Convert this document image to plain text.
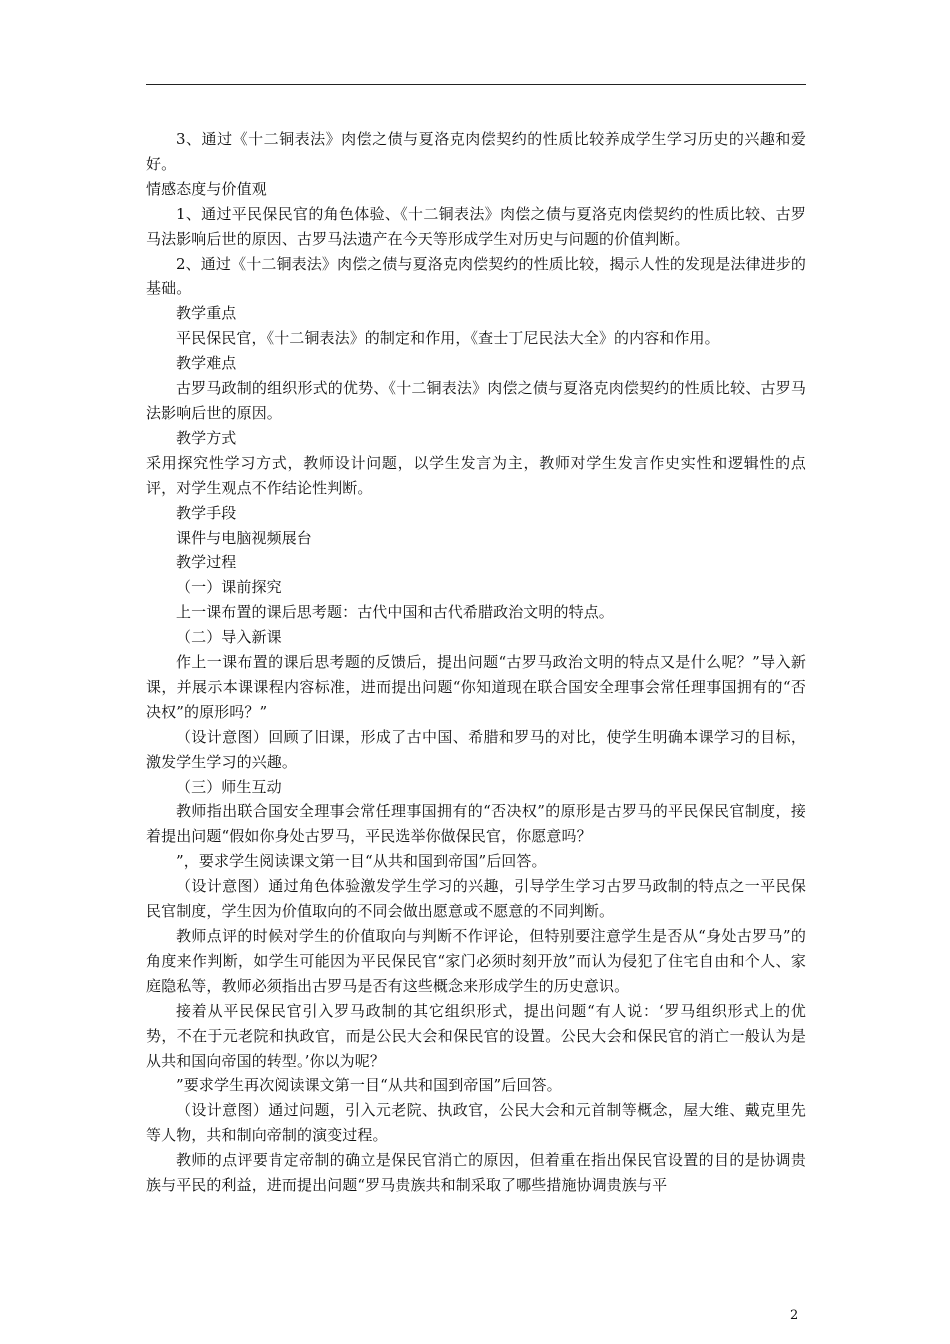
3、通过《十二铜表法》肉偿之债与夏洛克肉偿契约的性质比较养成学生学习历史的兴趣和爱好。

情感态度与价值观

1、通过平民保民官的角色体验、《十二铜表法》肉偿之债与夏洛克肉偿契约的性质比较、古罗马法影响后世的原因、古罗马法遗产在今天等形成学生对历史与问题的价值判断。

2、通过《十二铜表法》肉偿之债与夏洛克肉偿契约的性质比较，揭示人性的发现是法律进步的基础。

教学重点

平民保民官，《十二铜表法》的制定和作用，《查士丁尼民法大全》的内容和作用。

教学难点

古罗马政制的组织形式的优势、《十二铜表法》肉偿之债与夏洛克肉偿契约的性质比较、古罗马法影响后世的原因。

教学方式

采用探究性学习方式，教师设计问题，以学生发言为主，教师对学生发言作史实性和逻辑性的点评，对学生观点不作结论性判断。

教学手段

课件与电脑视频展台

教学过程

（一）课前探究

上一课布置的课后思考题：古代中国和古代希腊政治文明的特点。

（二）导入新课

作上一课布置的课后思考题的反馈后，提出问题“古罗马政治文明的特点又是什么呢？”导入新课，并展示本课课程内容标准，进而提出问题“你知道现在联合国安全理事会常任理事国拥有的“否决权”的原形吗？”

（设计意图）回顾了旧课，形成了古中国、希腊和罗马的对比，使学生明确本课学习的目标，激发学生学习的兴趣。

（三）师生互动

教师指出联合国安全理事会常任理事国拥有的“否决权”的原形是古罗马的平民保民官制度，接着提出问题“假如你身处古罗马，平民选举你做保民官，你愿意吗？

”，要求学生阅读课文第一目“从共和国到帝国”后回答。

（设计意图）通过角色体验激发学生学习的兴趣，引导学生学习古罗马政制的特点之一平民保民官制度，学生因为价值取向的不同会做出愿意或不愿意的不同判断。

教师点评的时候对学生的价值取向与判断不作评论，但特别要注意学生是否从“身处古罗马”的角度来作判断，如学生可能因为平民保民官“家门必须时刻开放”而认为侵犯了住宅自由和个人、家庭隐私等，教师必须指出古罗马是否有这些概念来形成学生的历史意识。

接着从平民保民官引入罗马政制的其它组织形式，提出问题“有人说：‘罗马组织形式上的优势，不在于元老院和执政官，而是公民大会和保民官的设置。公民大会和保民官的消亡一般认为是从共和国向帝国的转型。’你以为呢？

”要求学生再次阅读课文第一目“从共和国到帝国”后回答。

（设计意图）通过问题，引入元老院、执政官，公民大会和元首制等概念，屋大维、戴克里先等人物，共和制向帝制的演变过程。

教师的点评要肯定帝制的确立是保民官消亡的原因，但着重在指出保民官设置的目的是协调贵族与平民的利益，进而提出问题“罗马贵族共和制采取了哪些措施协调贵族与平

2
